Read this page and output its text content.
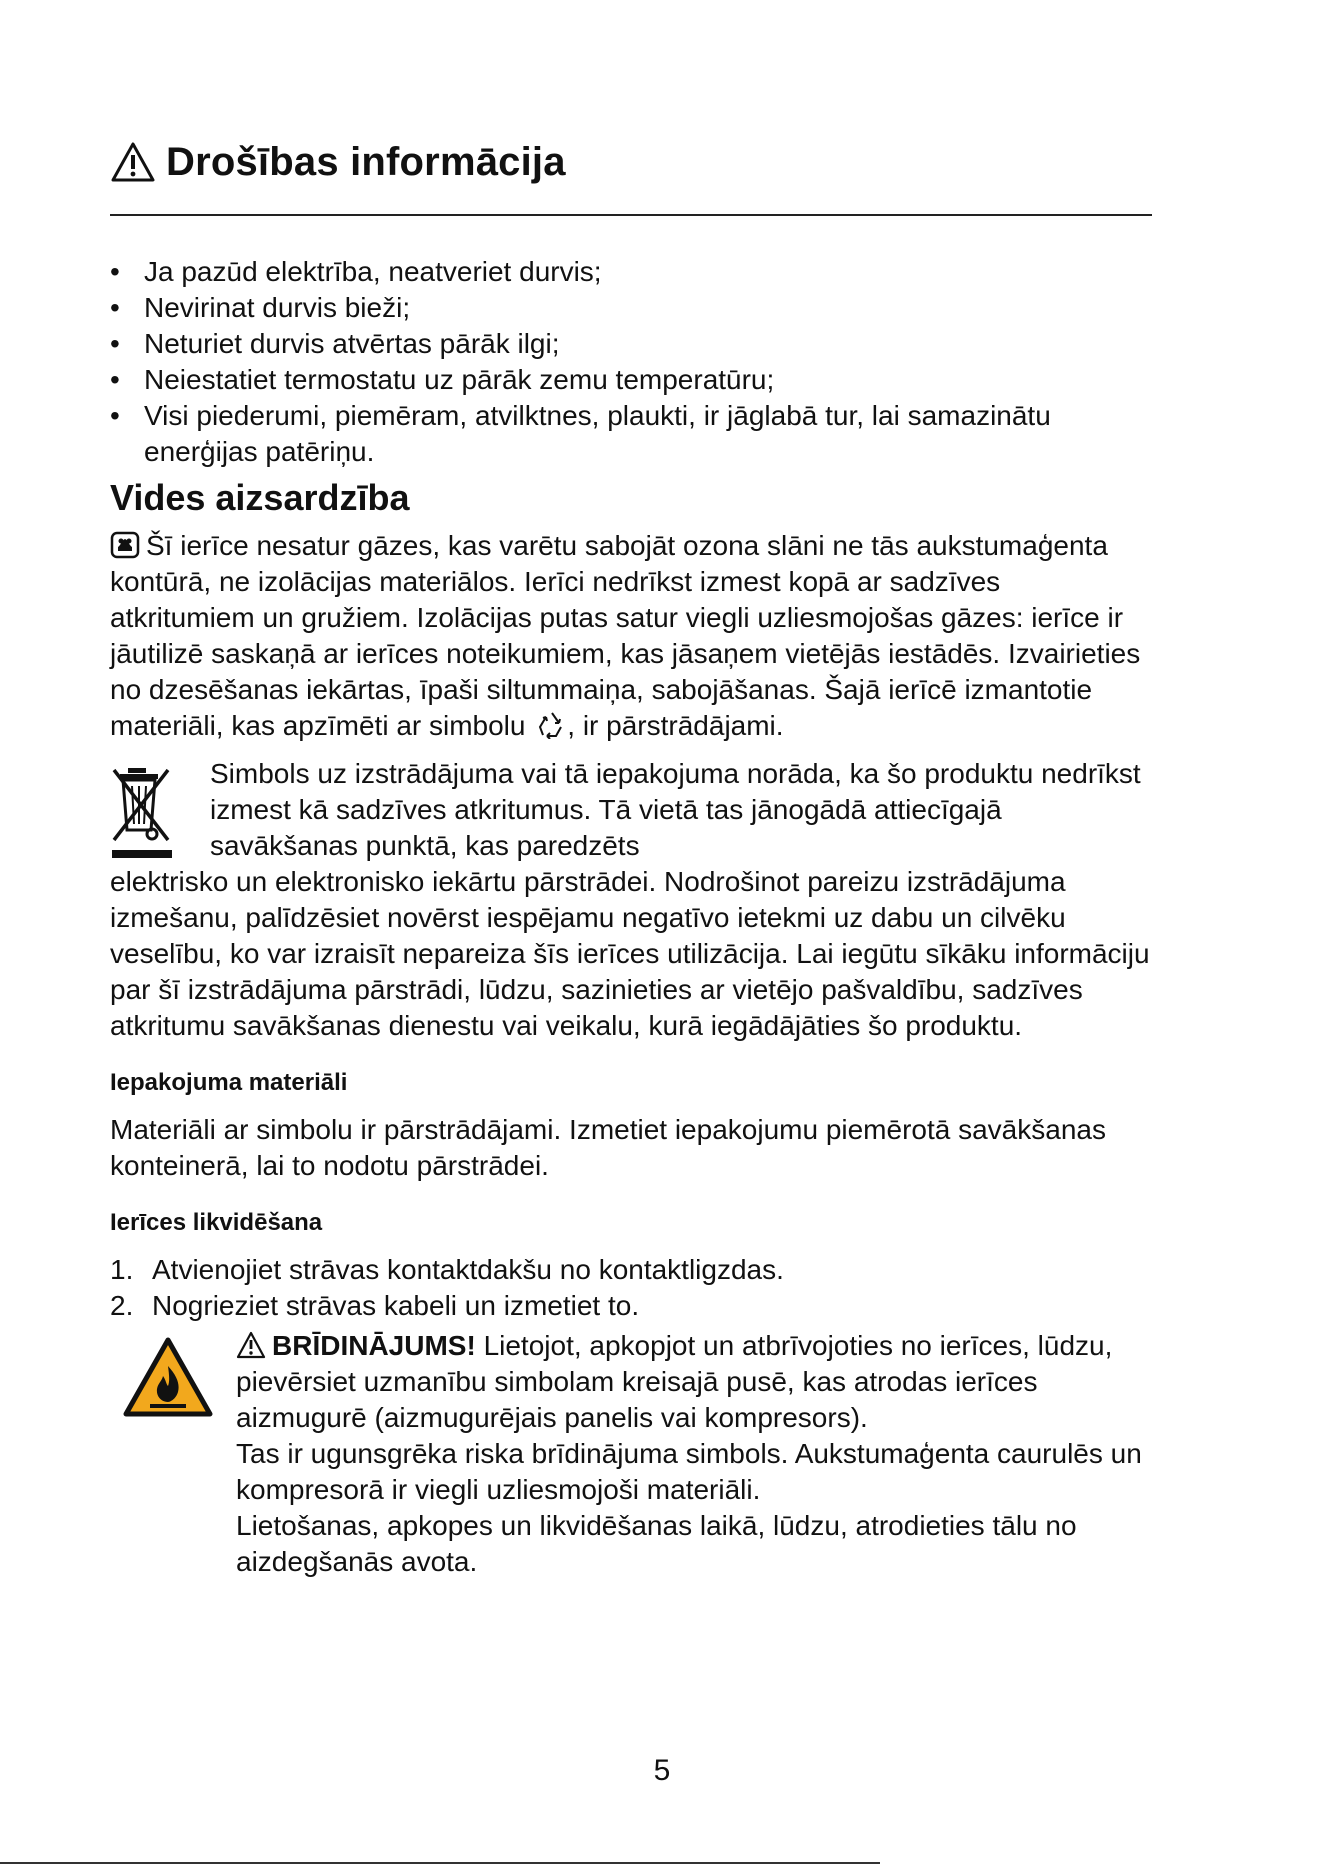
Drošības informācija
• Ja pazūd elektrība, neatveriet durvis;
• Nevirinat durvis bieži;
• Neturiet durvis atvērtas pārāk ilgi;
• Neiestatiet termostatu uz pārāk zemu temperatūru;
• Visi piederumi, piemēram, atvilktnes, plaukti, ir jāglabā tur, lai samazinātu enerģijas patēriņu.
Vides aizsardzība

Šī ierīce nesatur gāzes, kas varētu sabojāt ozona slāni ne tās aukstumaģenta kontūrā, ne izolācijas materiālos. Ierīci nedrīkst izmest kopā ar sadzīves atkritumiem un gružiem. Izolācijas putas satur viegli uzliesmojošas gāzes: ierīce ir jāutilizē saskaņā ar ierīces noteikumiem, kas jāsaņem vietējās iestādēs. Izvairieties no dzesēšanas iekārtas, īpaši siltummaiņa, sabojāšanas. Šajā ierīcē izmantotie materiāli, kas apzīmēti ar simbolu , ir pārstrādājami.

Simbols uz izstrādājuma vai tā iepakojuma norāda, ka šo produktu nedrīkst izmest kā sadzīves atkritumus. Tā vietā tas jānogādā attiecīgajā savākšanas punktā, kas paredzēts

elektrisko un elektronisko iekārtu pārstrādei. Nodrošinot pareizu izstrādājuma izmešanu, palīdzēsiet novērst iespējamu negatīvo ietekmi uz dabu un cilvēku veselību, ko var izraisīt nepareiza šīs ierīces utilizācija. Lai iegūtu sīkāku informāciju par šī izstrādājuma pārstrādi, lūdzu, sazinieties ar vietējo pašvaldību, sadzīves atkritumu savākšanas dienestu vai veikalu, kurā iegādājāties šo produktu.

Iepakojuma materiāli

Materiāli ar simbolu ir pārstrādājami. Izmetiet iepakojumu piemērotā savākšanas konteinerā, lai to nodotu pārstrādei.

Ierīces likvidēšana
1. Atvienojiet strāvas kontaktdakšu no kontaktligzdas.
2. Nogrieziet strāvas kabeli un izmetiet to.
BRĪDINĀJUMS! Lietojot, apkopjot un atbrīvojoties no ierīces, lūdzu, pievērsiet uzmanību simbolam kreisajā pusē, kas atrodas ierīces aizmugurē (aizmugurējais panelis vai kompresors).
Tas ir ugunsgrēka riska brīdinājuma simbols. Aukstumaģenta caurulēs un kompresorā ir viegli uzliesmojoši materiāli.
Lietošanas, apkopes un likvidēšanas laikā, lūdzu, atrodieties tālu no aizdegšanās avota.
5
